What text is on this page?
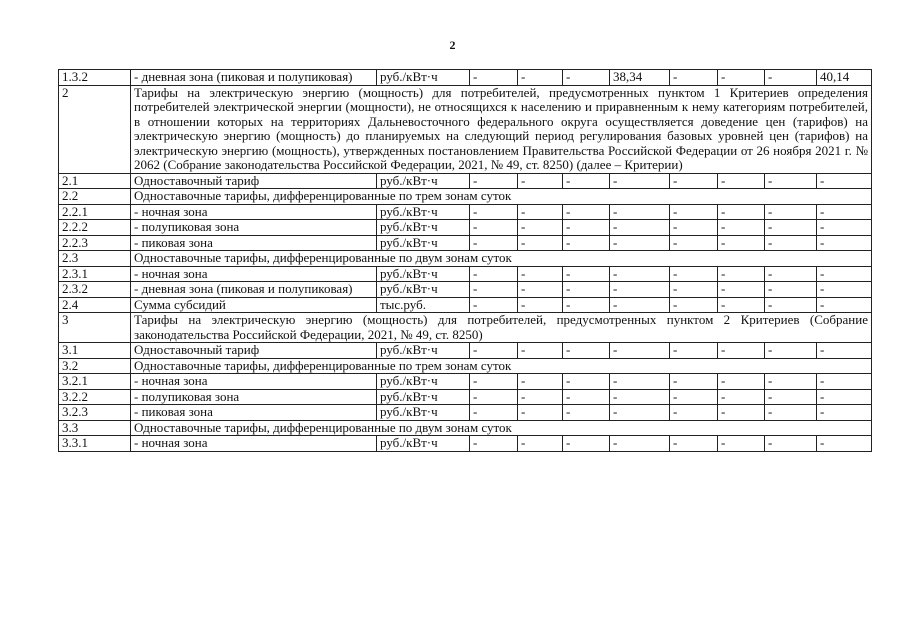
2
1.3.2	- дневная зона (пиковая и полупиковая)	руб./кВт·ч	-	-	-	38,34	-	-	-	40,14
2	Тарифы на электрическую энергию (мощность) для потребителей, предусмотренных пунктом 1 Критериев определения потребителей электрической энергии (мощности), не относящихся к населению и приравненным к нему категориям потребителей, в отношении которых на территориях Дальневосточного федерального округа осуществляется доведение цен (тарифов) на электрическую энергию (мощность) до планируемых на следующий период регулирования базовых уровней цен (тарифов) на электрическую энергию (мощность), утвержденных постановлением Правительства Российской Федерации от 26 ноября 2021 г. № 2062 (Собрание законодательства Российской Федерации, 2021, № 49, ст. 8250) (далее – Критерии)									
2.1	Одноставочный тариф	руб./кВт·ч	-	-	-	-	-	-	-	-
2.2	Одноставочные тарифы, дифференцированные по трем зонам суток									
2.2.1	- ночная зона	руб./кВт·ч	-	-	-	-	-	-	-	-
2.2.2	- полупиковая зона	руб./кВт·ч	-	-	-	-	-	-	-	-
2.2.3	- пиковая зона	руб./кВт·ч	-	-	-	-	-	-	-	-
2.3	Одноставочные тарифы, дифференцированные по двум зонам суток									
2.3.1	- ночная зона	руб./кВт·ч	-	-	-	-	-	-	-	-
2.3.2	- дневная зона (пиковая и полупиковая)	руб./кВт·ч	-	-	-	-	-	-	-	-
2.4	Сумма субсидий	тыс.руб.	-	-	-	-	-	-	-	-
3	Тарифы на электрическую энергию (мощность) для потребителей, предусмотренных пунктом 2 Критериев (Собрание законодательства Российской Федерации, 2021, № 49, ст. 8250)									
3.1	Одноставочный тариф	руб./кВт·ч	-	-	-	-	-	-	-	-
3.2	Одноставочные тарифы, дифференцированные по трем зонам суток									
3.2.1	- ночная зона	руб./кВт·ч	-	-	-	-	-	-	-	-
3.2.2	- полупиковая зона	руб./кВт·ч	-	-	-	-	-	-	-	-
3.2.3	- пиковая зона	руб./кВт·ч	-	-	-	-	-	-	-	-
3.3	Одноставочные тарифы, дифференцированные по двум зонам суток									
3.3.1	- ночная зона	руб./кВт·ч	-	-	-	-	-	-	-	-
